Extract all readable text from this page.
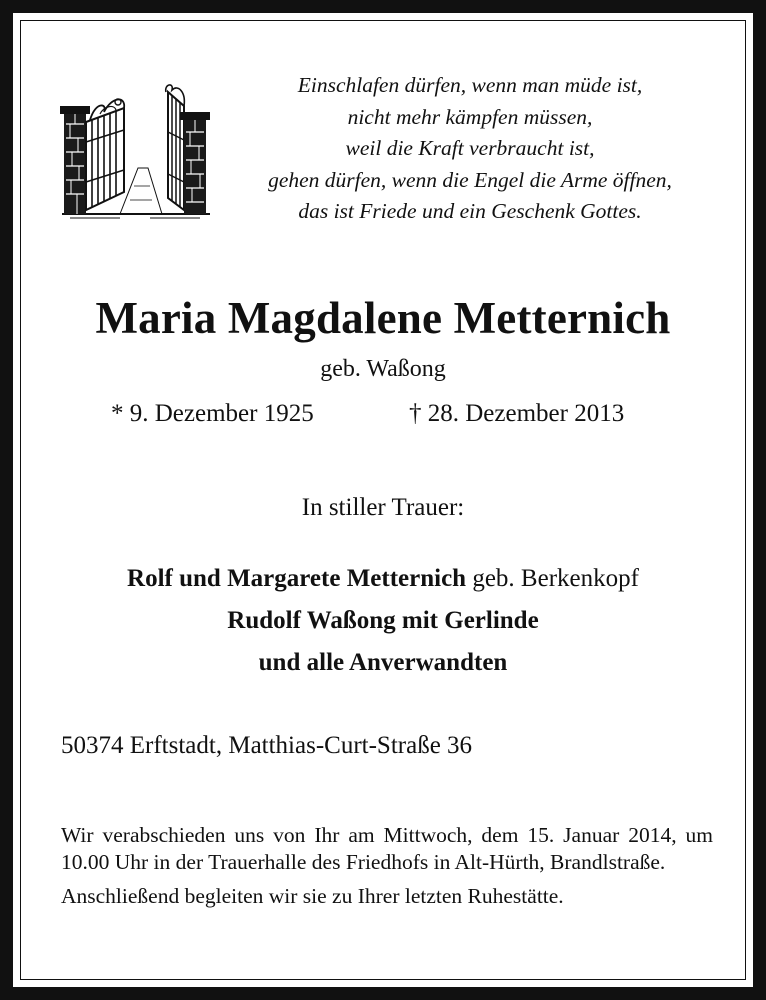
Einschlafen dürfen, wenn man müde ist,
nicht mehr kämpfen müssen,
weil die Kraft verbraucht ist,
gehen dürfen, wenn die Engel die Arme öffnen,
das ist Friede und ein Geschenk Gottes.
Maria Magdalene Metternich
geb. Waßong
* 9. Dezember 1925	† 28. Dezember 2013
In stiller Trauer:
Rolf und Margarete Metternich geb. Berkenkopf
Rudolf Waßong mit Gerlinde
und alle Anverwandten
50374 Erftstadt, Matthias-Curt-Straße 36
Wir verabschieden uns von Ihr am Mittwoch, dem 15. Januar 2014, um 10.00 Uhr in der Trauerhalle des Friedhofs in Alt-Hürth, Brandlstraße.
Anschließend begleiten wir sie zu Ihrer letzten Ruhestätte.
